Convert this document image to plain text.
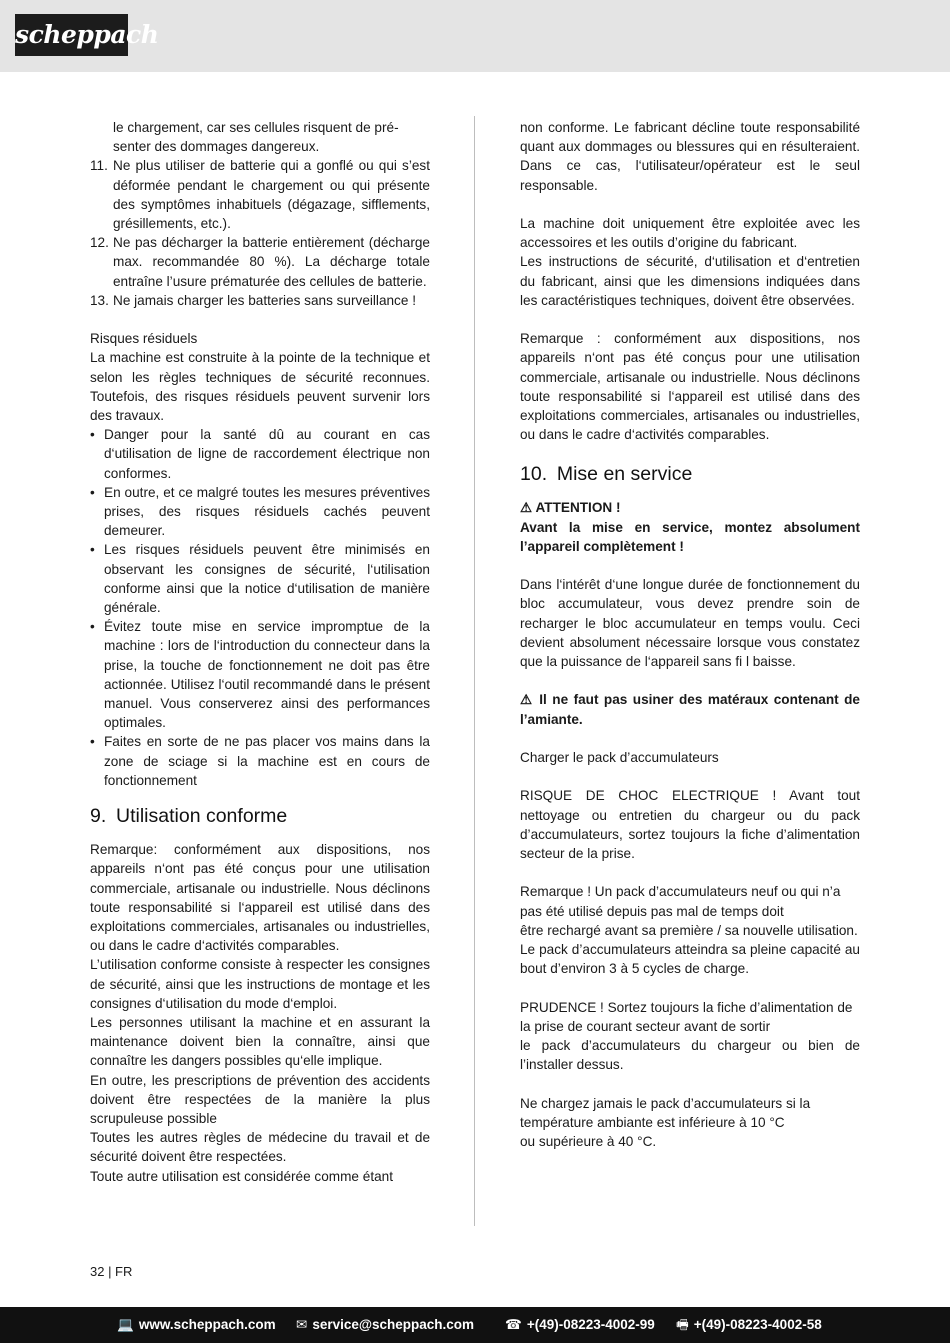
scheppach

le chargement, car ses cellules risquent de pré-
senter des dommages dangereux.

11. Ne plus utiliser de batterie qui a gonflé ou qui s’est déformée pendant le chargement ou qui présente des symptômes inhabituels (dégazage, sifflements, grésillements, etc.).
12. Ne pas décharger la batterie entièrement (décharge max. recommandée 80 %). La décharge totale entraîne l’usure prématurée des cellules de batterie.
13. Ne jamais charger les batteries sans surveillance !

Risques résiduels

La machine est construite à la pointe de la technique et selon les règles techniques de sécurité reconnues. Toutefois, des risques résiduels peuvent survenir lors des travaux.

• Danger pour la santé dû au courant en cas d‘utilisation de ligne de raccordement électrique non conformes.
• En outre, et ce malgré toutes les mesures préventives prises, des risques résiduels cachés peuvent demeurer.
• Les risques résiduels peuvent être minimisés en observant les consignes de sécurité, l‘utilisation conforme ainsi que la notice d‘utilisation de manière générale.
• Évitez toute mise en service impromptue de la machine : lors de l‘introduction du connecteur dans la prise, la touche de fonctionnement ne doit pas être actionnée. Utilisez l‘outil recommandé dans le présent manuel. Vous conserverez ainsi des performances optimales.
• Faites en sorte de ne pas placer vos mains dans la zone de sciage si la machine est en cours de fonctionnement
9. Utilisation conforme

Remarque: conformément aux dispositions, nos appareils n‘ont pas été conçus pour une utilisation commerciale, artisanale ou industrielle. Nous déclinons toute responsabilité si l‘appareil est utilisé dans des exploitations commerciales, artisanales ou industrielles, ou dans le cadre d‘activités comparables.

L’utilisation conforme consiste à respecter les consignes de sécurité, ainsi que les instructions de montage et les consignes d‘utilisation du mode d‘emploi.

Les personnes utilisant la machine et en assurant la maintenance doivent bien la connaître, ainsi que connaître les dangers possibles qu‘elle implique.

En outre, les prescriptions de prévention des accidents doivent être respectées de la manière la plus scrupuleuse possible

Toutes les autres règles de médecine du travail et de sécurité doivent être respectées.

Toute autre utilisation est considérée comme étant

non conforme. Le fabricant décline toute responsabilité quant aux dommages ou blessures qui en résulteraient. Dans ce cas, l‘utilisateur/opérateur est le seul responsable.

La machine doit uniquement être exploitée avec les accessoires et les outils d’origine du fabricant.

Les instructions de sécurité, d‘utilisation et d‘entretien du fabricant, ainsi que les dimensions indiquées dans les caractéristiques techniques, doivent être observées.

Remarque : conformément aux dispositions, nos appareils n‘ont pas été conçus pour une utilisation commerciale, artisanale ou industrielle. Nous déclinons toute responsabilité si l‘appareil est utilisé dans des exploitations commerciales, artisanales ou industrielles, ou dans le cadre d‘activités comparables.

10. Mise en service

⚠ ATTENTION !

Avant la mise en service, montez absolument l’appareil complètement !

Dans l‘intérêt d‘une longue durée de fonctionnement du bloc accumulateur, vous devez prendre soin de recharger le bloc accumulateur en temps voulu. Ceci devient absolument nécessaire lorsque vous constatez que la puissance de l‘appareil sans fi l baisse.

⚠ Il ne faut pas usiner des matéraux contenant de l’amiante.

Charger le pack d’accumulateurs

RISQUE DE CHOC ELECTRIQUE ! Avant tout nettoyage ou entretien du chargeur ou du pack d’accumulateurs, sortez toujours la fiche d’alimentation secteur de la prise.

Remarque ! Un pack d’accumulateurs neuf ou qui n’a pas été utilisé depuis pas mal de temps doit

être rechargé avant sa première / sa nouvelle utilisation.

Le pack d’accumulateurs atteindra sa pleine capacité au bout d’environ 3 à 5 cycles de charge.

PRUDENCE ! Sortez toujours la fiche d’alimentation de la prise de courant secteur avant de sortir

le pack d’accumulateurs du chargeur ou bien de l’installer dessus.

Ne chargez jamais le pack d’accumulateurs si la température ambiante est inférieure à 10 °C

ou supérieure à 40 °C.

32 | FR
💻 www.scheppach.com ✉ service@scheppach.com ☎ +(49)-08223-4002-99 🖷 +(49)-08223-4002-58
